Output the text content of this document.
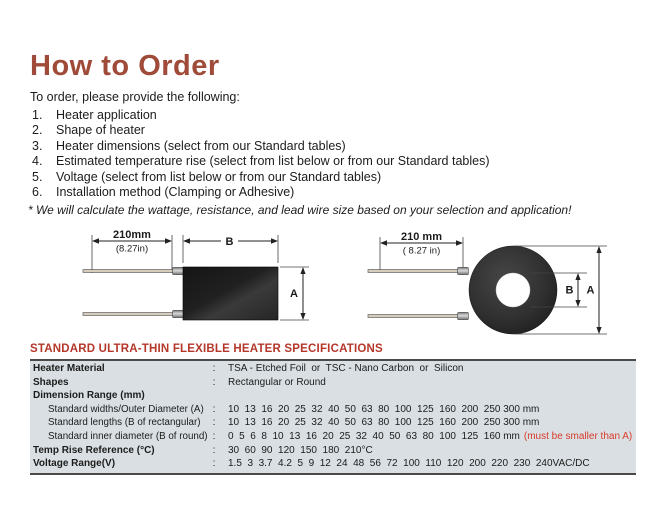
How to Order
To order, please provide the following:
1.	Heater application
2.	Shape of heater
3.	Heater dimensions (select from our Standard tables)
4.	Estimated temperature rise (select from list below or from our Standard tables)
5.	Voltage (select from list below or from our Standard tables)
6.	Installation method (Clamping or Adhesive)
* We will calculate the wattage, resistance, and lead wire size based on your selection and application!
210mm
(8.27in)
B
A
210 mm
( 8.27 in)
B A
STANDARD ULTRA-THIN FLEXIBLE HEATER SPECIFICATIONS
Heater Material	:	TSA - Etched Foil  or  TSC - Nano Carbon  or  Silicon
Shapes	:	Rectangular or Round
Dimension Range (mm)
Standard widths/Outer Diameter (A) :	10  13  16  20  25  32  40  50  63  80  100  125  160  200  250 300 mm
Standard lengths (B of rectangular)	:	10  13  16  20  25  32  40  50  63  80  100  125  160  200  250 300 mm
Standard inner diameter (B of round) :	0  5  6  8  10  13  16  20  25  32  40  50  63  80  100  125  160 mm (must be smaller than A)
Temp Rise Reference (°C)	:	30  60  90  120  150  180  210°C
Voltage Range(V)	:	1.5  3  3.7  4.2  5  9  12  24  48  56  72  100  110  120  200  220  230  240VAC/DC
